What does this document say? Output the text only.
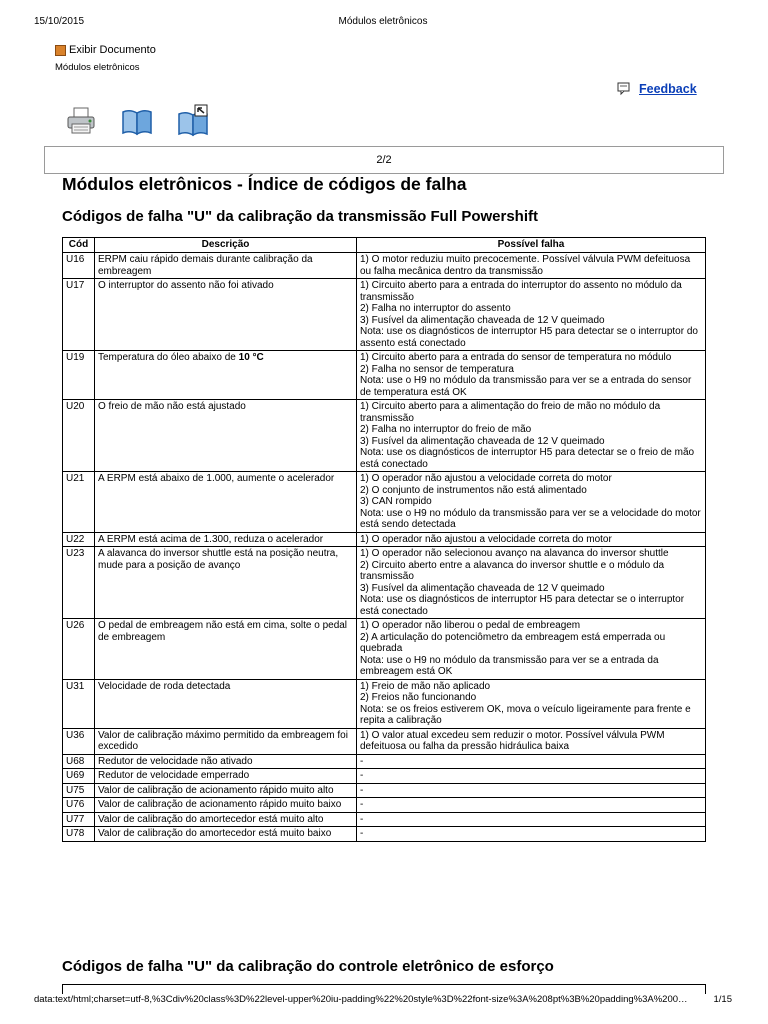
15/10/2015	Módulos eletrônicos
Exibir Documento
Módulos eletrônicos
Feedback
2/2
Módulos eletrônicos - Índice de códigos de falha
Códigos de falha "U" da calibração da transmissão Full Powershift
Cód	Descrição	Possível falha
U16	ERPM caiu rápido demais durante calibração da embreagem	1) O motor reduziu muito precocemente. Possível válvula PWM defeituosa ou falha mecânica dentro da transmissão

U17	O interruptor do assento não foi ativado	1) Circuito aberto para a entrada do interruptor do assento no módulo da transmissão
2) Falha no interruptor do assento
3) Fusível da alimentação chaveada de 12 V queimado
Nota: use os diagnósticos de interruptor H5 para detectar se o interruptor do assento está conectado

U19	Temperatura do óleo abaixo de 10 °C	1) Circuito aberto para a entrada do sensor de temperatura no módulo
2) Falha no sensor de temperatura
Nota: use o H9 no módulo da transmissão para ver se a entrada do sensor de temperatura está OK

U20	O freio de mão não está ajustado	1) Circuito aberto para a alimentação do freio de mão no módulo da transmissão
2) Falha no interruptor do freio de mão
3) Fusível da alimentação chaveada de 12 V queimado
Nota: use os diagnósticos de interruptor H5 para detectar se o freio de mão está conectado

U21	A ERPM está abaixo de 1.000, aumente o acelerador	1) O operador não ajustou a velocidade correta do motor
2) O conjunto de instrumentos não está alimentado
3) CAN rompido
Nota: use o H9 no módulo da transmissão para ver se a velocidade do motor está sendo detectada

U22	A ERPM está acima de 1.300, reduza o acelerador	1) O operador não ajustou a velocidade correta do motor

U23	A alavanca do inversor shuttle está na posição neutra, mude para a posição de avanço	1) O operador não selecionou avanço na alavanca do inversor shuttle
2) Circuito aberto entre a alavanca do inversor shuttle e o módulo da transmissão
3) Fusível da alimentação chaveada de 12 V queimado
Nota: use os diagnósticos de interruptor H5 para detectar se o interruptor está conectado

U26	O pedal de embreagem não está em cima, solte o pedal de embreagem	1) O operador não liberou o pedal de embreagem
2) A articulação do potenciômetro da embreagem está emperrada ou quebrada
Nota: use o H9 no módulo da transmissão para ver se a entrada da embreagem está OK

U31	Velocidade de roda detectada	1) Freio de mão não aplicado
2) Freios não funcionando
Nota: se os freios estiverem OK, mova o veículo ligeiramente para frente e repita a calibração

U36	Valor de calibração máximo permitido da embreagem foi excedido	1) O valor atual excedeu sem reduzir o motor. Possível válvula PWM defeituosa ou falha da pressão hidráulica baixa

U68	Redutor de velocidade não ativado	-

U69	Redutor de velocidade emperrado	-

U75	Valor de calibração de acionamento rápido muito alto	-

U76	Valor de calibração de acionamento rápido muito baixo	-

U77	Valor de calibração do amortecedor está muito alto	-

U78	Valor de calibração do amortecedor está muito baixo	-
Códigos de falha "U" da calibração do controle eletrônico de esforço
data:text/html;charset=utf-8,%3Cdiv%20class%3D%22level-upper%20iu-padding%22%20style%3D%22font-size%3A%208pt%3B%20padding%3A%200…	1/15
